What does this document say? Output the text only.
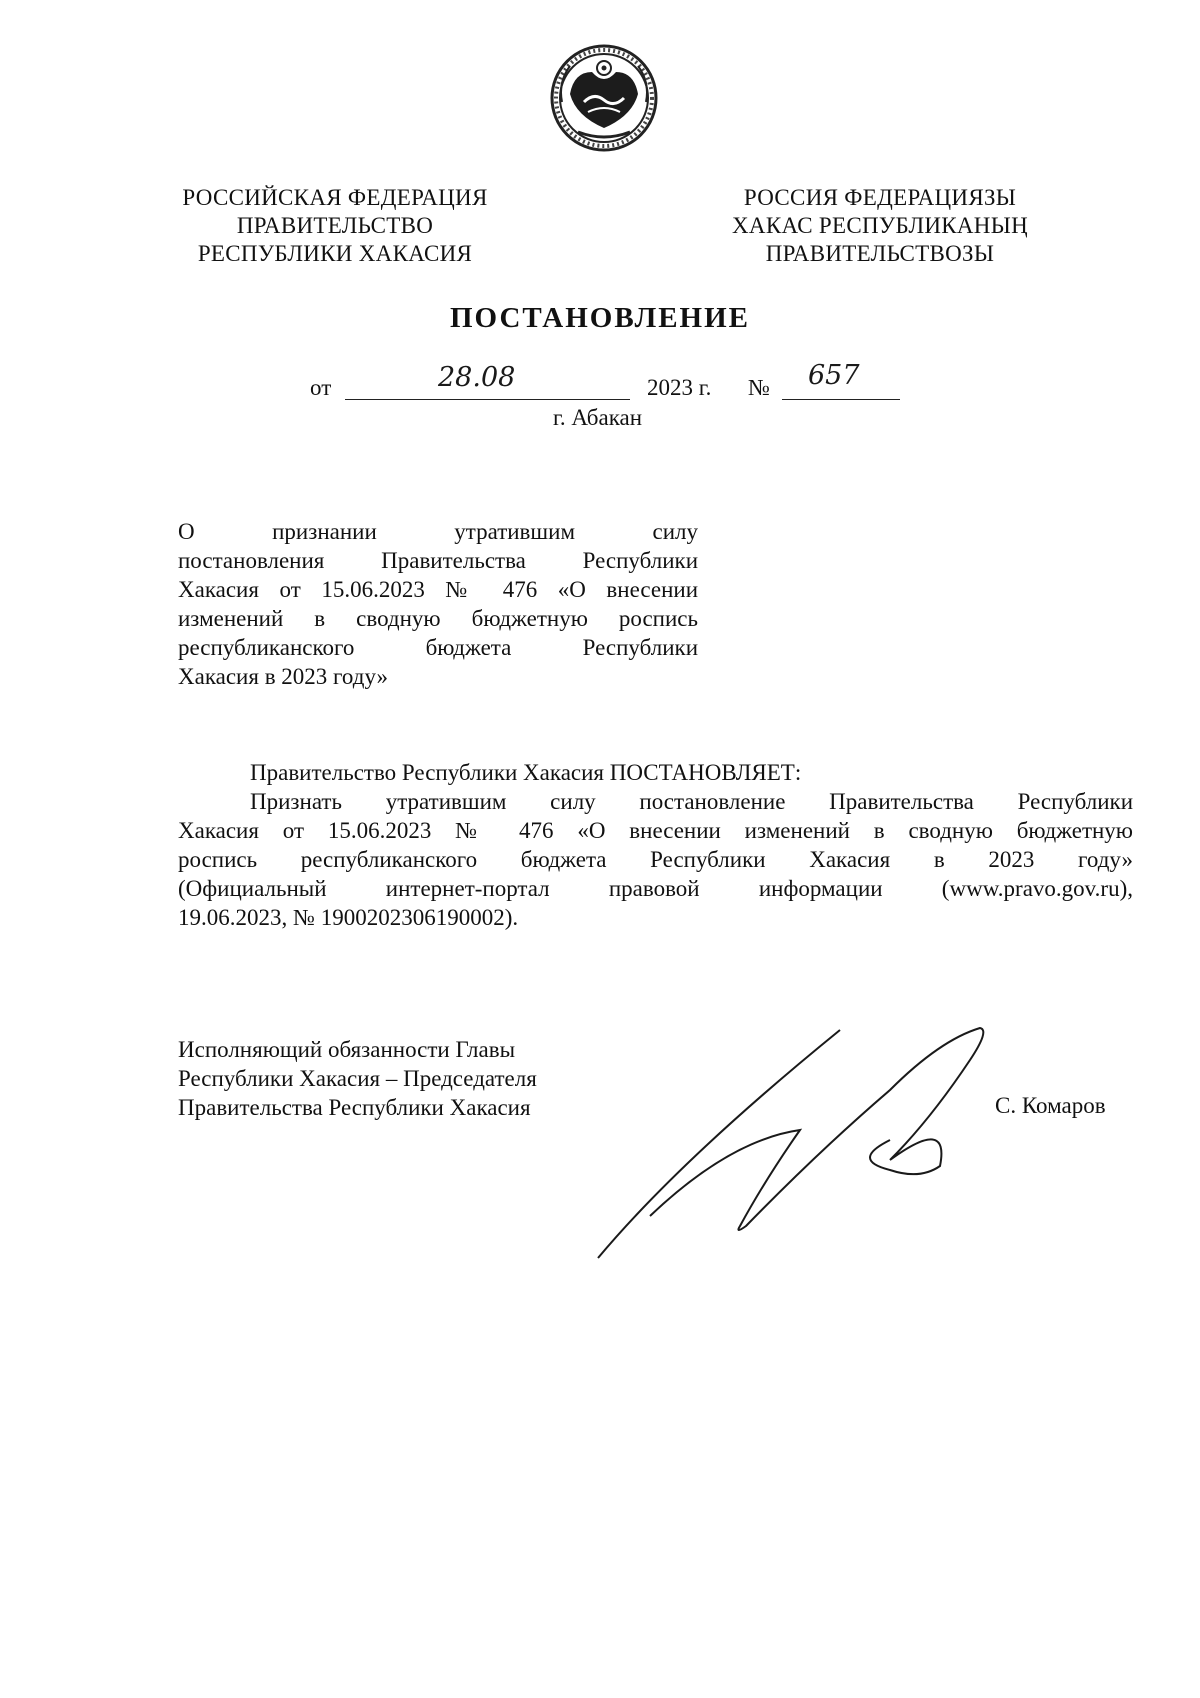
РОССИЙСКАЯ ФЕДЕРАЦИЯ
ПРАВИТЕЛЬСТВО
РЕСПУБЛИКИ ХАКАСИЯ
РОССИЯ ФЕДЕРАЦИЯЗЫ
ХАКАС РЕСПУБЛИКАНЫҢ
ПРАВИТЕЛЬСТВОЗЫ
ПОСТАНОВЛЕНИЕ
от	28.08	2023 г. № 657
г. Абакан
О признании утратившим силу
постановления Правительства Республики
Хакасия от 15.06.2023 № 476 «О внесении
изменений в сводную бюджетную роспись
республиканского бюджета Республики
Хакасия в 2023 году»
Правительство Республики Хакасия ПОСТАНОВЛЯЕТ:
Признать утратившим силу постановление Правительства Республики
Хакасия от 15.06.2023 № 476 «О внесении изменений в сводную бюджетную
роспись республиканского бюджета Республики Хакасия в 2023 году»
(Официальный интернет-портал правовой информации (www.pravo.gov.ru),
19.06.2023, № 1900202306190002).
Исполняющий обязанности Главы
Республики Хакасия – Председателя
Правительства Республики Хакасия	С. Комаров
